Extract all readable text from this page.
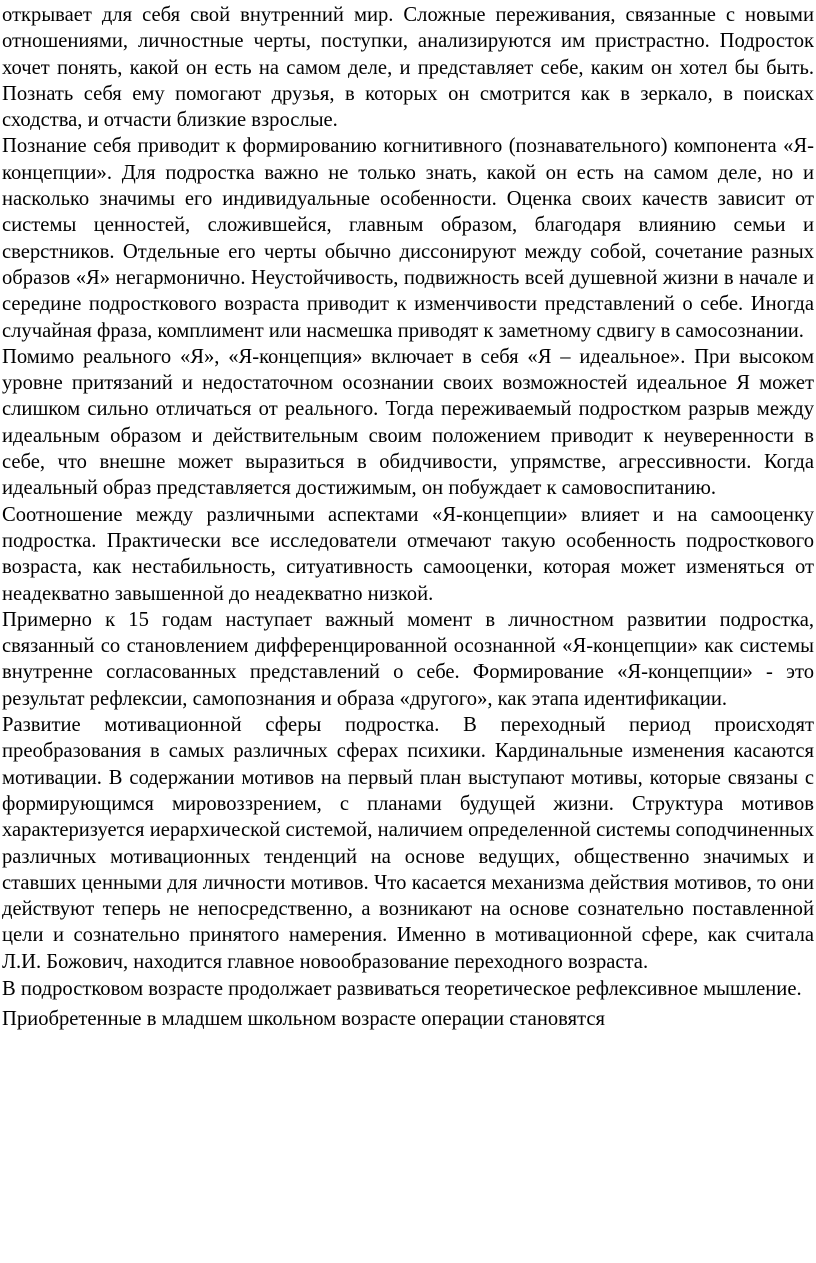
открывает для себя свой внутренний мир. Сложные переживания, связанные с новыми отношениями, личностные черты, поступки, анализируются им пристрастно. Подросток хочет понять, какой он есть на самом деле, и представляет себе, каким он хотел бы быть. Познать себя ему помогают друзья, в которых он смотрится как в зеркало, в поисках сходства, и отчасти близкие взрослые.

Познание себя приводит к формированию когнитивного (познавательного) компонента «Я-концепции». Для подростка важно не только знать, какой он есть на самом деле, но и насколько значимы его индивидуальные особенности. Оценка своих качеств зависит от системы ценностей, сложившейся, главным образом, благодаря влиянию семьи и сверстников. Отдельные его черты обычно диссонируют между собой, сочетание разных образов «Я» негармонично. Неустойчивость, подвижность всей душевной жизни в начале и середине подросткового возраста приводит к изменчивости представлений о себе. Иногда случайная фраза, комплимент или насмешка приводят к заметному сдвигу в самосознании.

Помимо реального «Я», «Я-концепция» включает в себя «Я – идеальное». При высоком уровне притязаний и недостаточном осознании своих возможностей идеальное Я может слишком сильно отличаться от реального. Тогда переживаемый подростком разрыв между идеальным образом и действительным своим положением приводит к неуверенности в себе, что внешне может выразиться в обидчивости, упрямстве, агрессивности. Когда идеальный образ представляется достижимым, он побуждает к самовоспитанию.

Соотношение между различными аспектами «Я-концепции» влияет и на самооценку подростка. Практически все исследователи отмечают такую особенность подросткового возраста, как нестабильность, ситуативность самооценки, которая может изменяться от неадекватно завышенной до неадекватно низкой.

Примерно к 15 годам наступает важный момент в личностном развитии подростка, связанный со становлением дифференцированной осознанной «Я-концепции» как системы внутренне согласованных представлений о себе. Формирование «Я-концепции» - это результат рефлексии, самопознания и образа «другого», как этапа идентификации.

Развитие мотивационной сферы подростка. В переходный период происходят преобразования в самых различных сферах психики. Кардинальные изменения касаются мотивации. В содержании мотивов на первый план выступают мотивы, которые связаны с формирующимся мировоззрением, с планами будущей жизни. Структура мотивов характеризуется иерархической системой, наличием определенной системы соподчиненных различных мотивационных тенденций на основе ведущих, общественно значимых и ставших ценными для личности мотивов. Что касается механизма действия мотивов, то они действуют теперь не непосредственно, а возникают на основе сознательно поставленной цели и сознательно принятого намерения. Именно в мотивационной сфере, как считала Л.И. Божович, находится главное новообразование переходного возраста.

В подростковом возрасте продолжает развиваться теоретическое рефлексивное мышление. Приобретенные в младшем школьном возрасте операции становятся
